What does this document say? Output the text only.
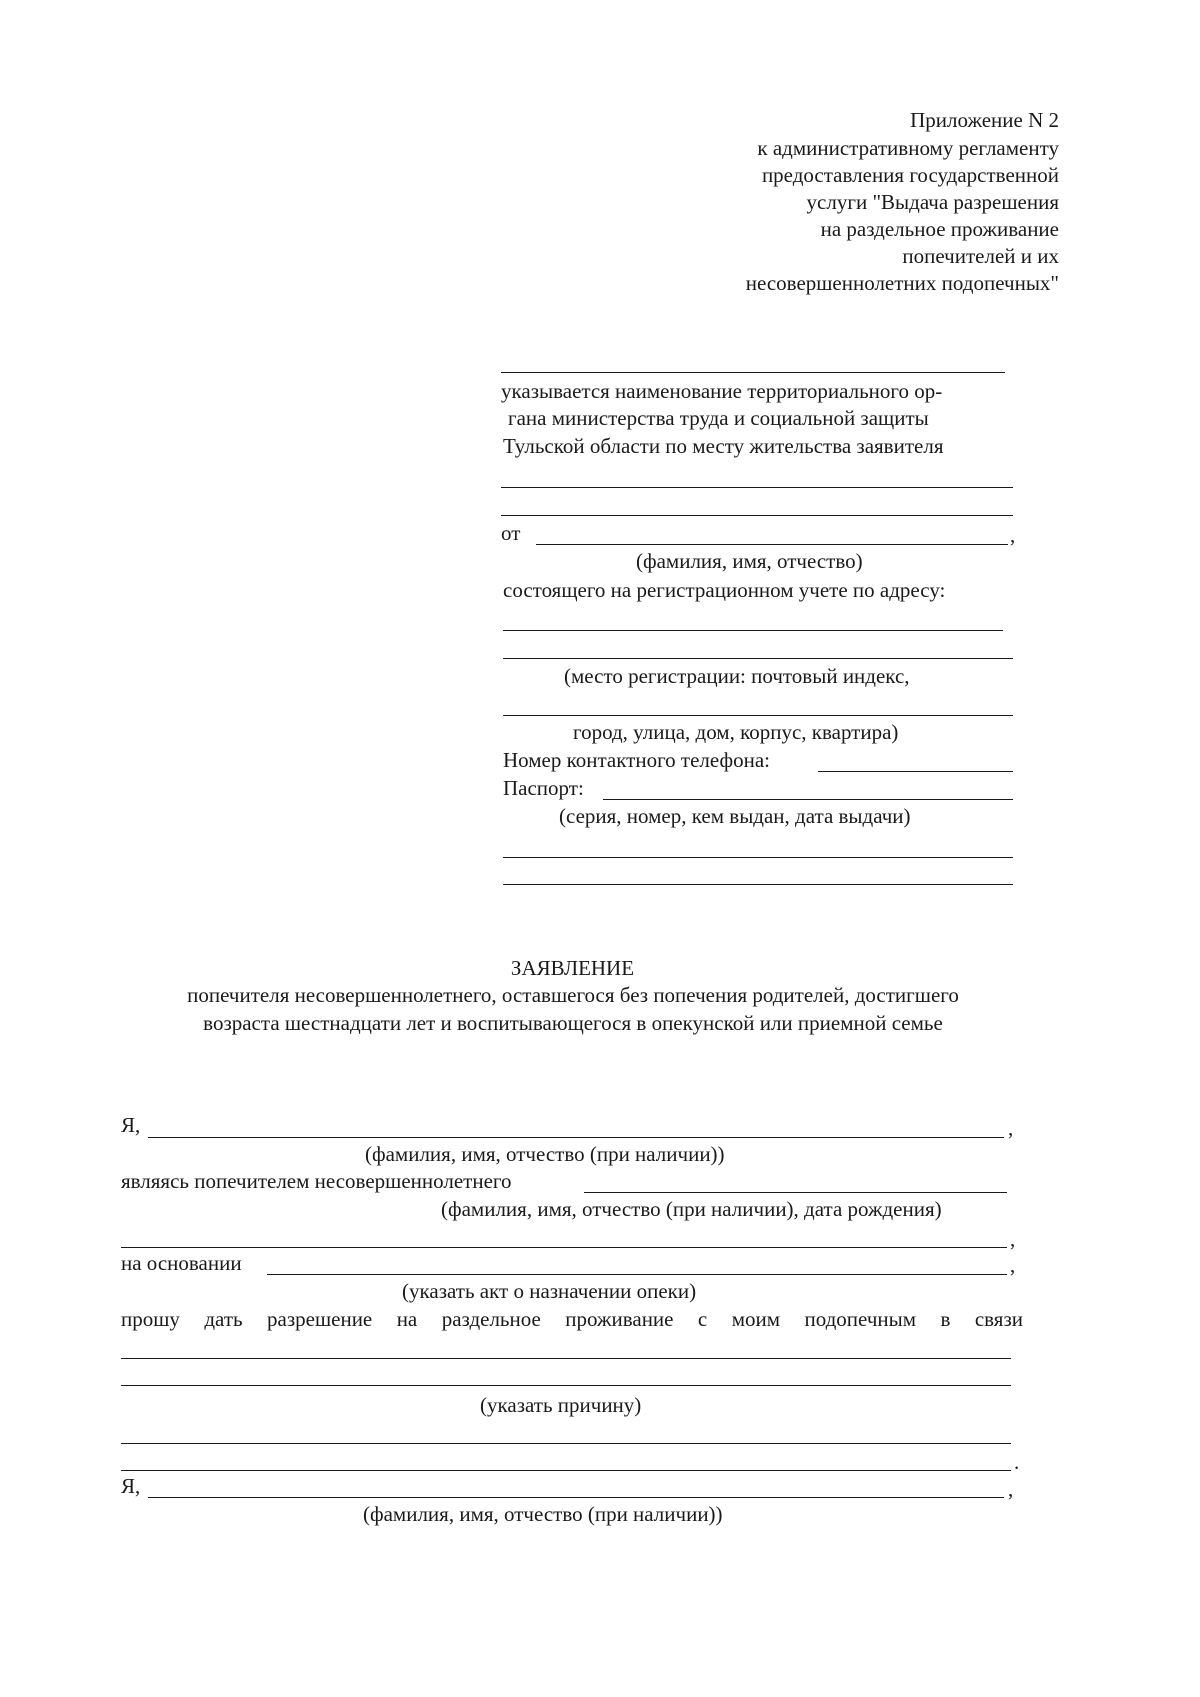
Приложение N 2
к административному регламенту
предоставления государственной
услуги "Выдача разрешения
на раздельное проживание
попечителей и их
несовершеннолетних подопечных"
указывается наименование территориального ор-
гана министерства труда и социальной защиты
Тульской области по месту жительства заявителя
от	,
(фамилия, имя, отчество)
состоящего на регистрационном учете по адресу:
(место регистрации: почтовый индекс,
город, улица, дом, корпус, квартира)
Номер контактного телефона:
Паспорт:
(серия, номер, кем выдан, дата выдачи)
ЗАЯВЛЕНИЕ
попечителя несовершеннолетнего, оставшегося без попечения родителей, достигшего
возраста шестнадцати лет и воспитывающегося в опекунской или приемной семье
Я,	,
(фамилия, имя, отчество (при наличии))
являясь попечителем несовершеннолетнего
(фамилия, имя, отчество (при наличии), дата рождения)
,
на основании	,
(указать акт о назначении опеки)
прошу дать разрешение на раздельное проживание с моим подопечным в связи
(указать причину)
.
Я,	,
(фамилия, имя, отчество (при наличии))
